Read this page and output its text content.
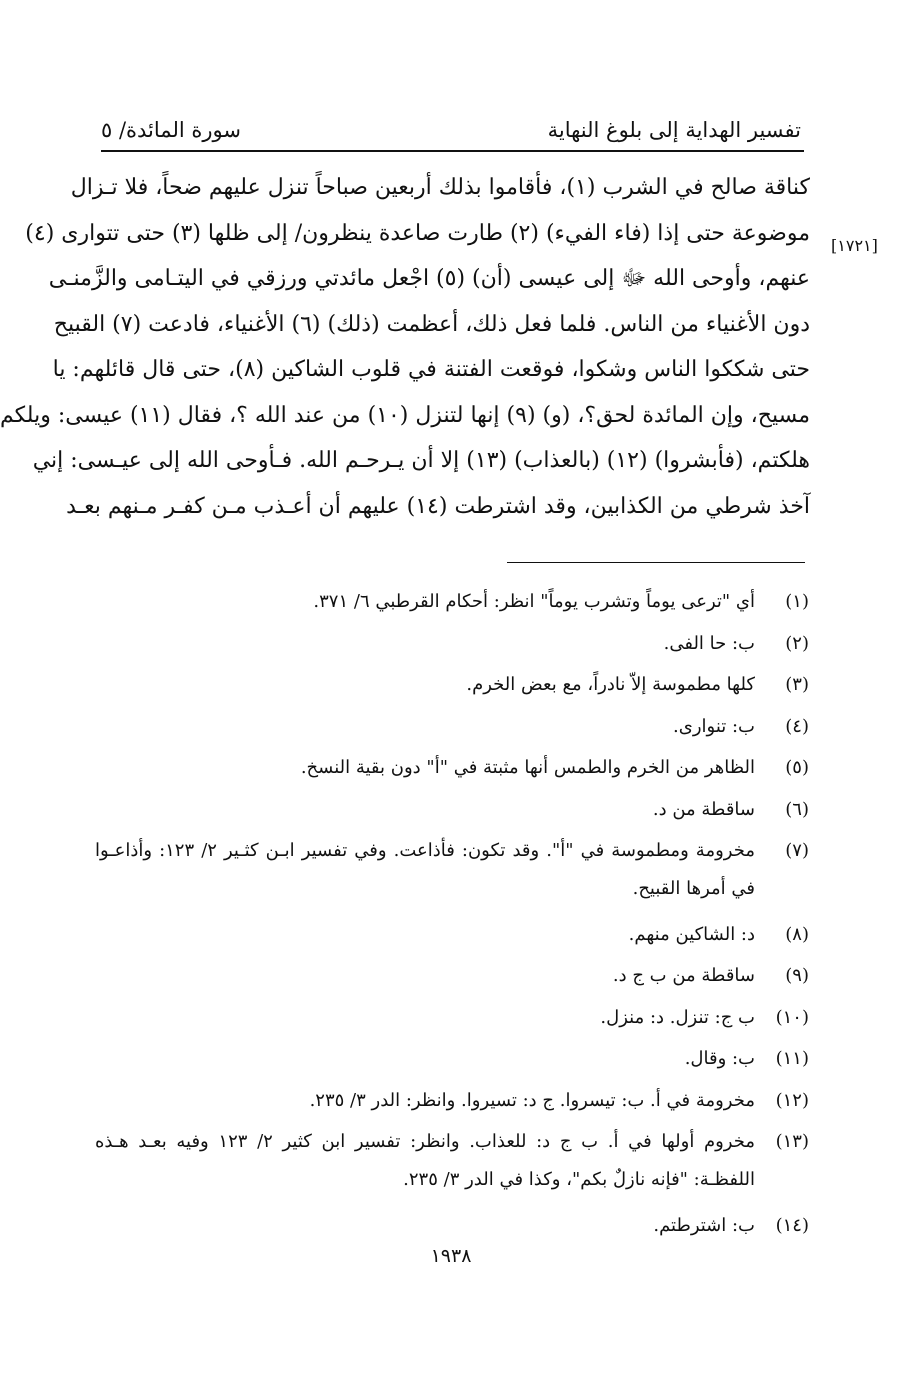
تفسير الهداية إلى بلوغ النهاية
سورة المائدة/ ٥
[١٧٢١]
كناقة صالح في الشرب (١)، فأقاموا بذلك أربعين صباحاً تنزل عليهم ضحاً، فلا تـزال
موضوعة حتى إذا (فاء الفيء) (٢) طارت صاعدة ينظرون/ إلى ظلها (٣) حتى تتوارى (٤)
عنهم، وأوحى الله ﷻ إلى عيسى (أن) (٥) اجْعل مائدتي ورزقي في اليتـامى والزَّمنـى
دون الأغنياء من الناس. فلما فعل ذلك، أعظمت (ذلك) (٦) الأغنياء، فادعت (٧) القبيح
حتى شككوا الناس وشكوا، فوقعت الفتنة في قلوب الشاكين (٨)، حتى قال قائلهم: يا
مسيح، وإن المائدة لحق؟، (و) (٩) إنها لتنزل (١٠) من عند الله ؟، فقال (١١) عيسى: ويلكم
هلكتم، (فأبشروا) (١٢) (بالعذاب) (١٣) إلا أن يـرحـم الله. فـأوحى الله إلى عيـسى: إني
آخذ شرطي من الكذابين، وقد اشترطت (١٤) عليهم أن أعـذب مـن كفـر مـنهم بعـد
(١)
أي "ترعى يوماً وتشرب يوماً" انظر: أحكام القرطبي ٦/ ٣٧١.
(٢)
ب: حا الفى.
(٣)
كلها مطموسة إلاّ نادراً، مع بعض الخرم.
(٤)
ب: تنوارى.
(٥)
الظاهر من الخرم والطمس أنها مثبتة في "أ" دون بقية النسخ.
(٦)
ساقطة من د.
(٧)
مخرومة ومطموسة في "أ". وقد تكون: فأذاعت. وفي تفسير ابـن كثـير ٢/ ١٢٣: وأذاعـوا في أمرها القبيح.
(٨)
د: الشاكين منهم.
(٩)
ساقطة من ب ج د.
(١٠)
ب ج: تنزل. د: منزل.
(١١)
ب: وقال.
(١٢)
مخرومة في أ. ب: تيسروا. ج د: تسيروا. وانظر: الدر ٣/ ٢٣٥.
(١٣)
مخروم أولها في أ. ب ج د: للعذاب. وانظر: تفسير ابن كثير ٢/ ١٢٣ وفيه بعـد هـذه اللفظـة: "فإنه نازلٌ بكم"، وكذا في الدر ٣/ ٢٣٥.
(١٤)
ب: اشترطتم.
١٩٣٨
